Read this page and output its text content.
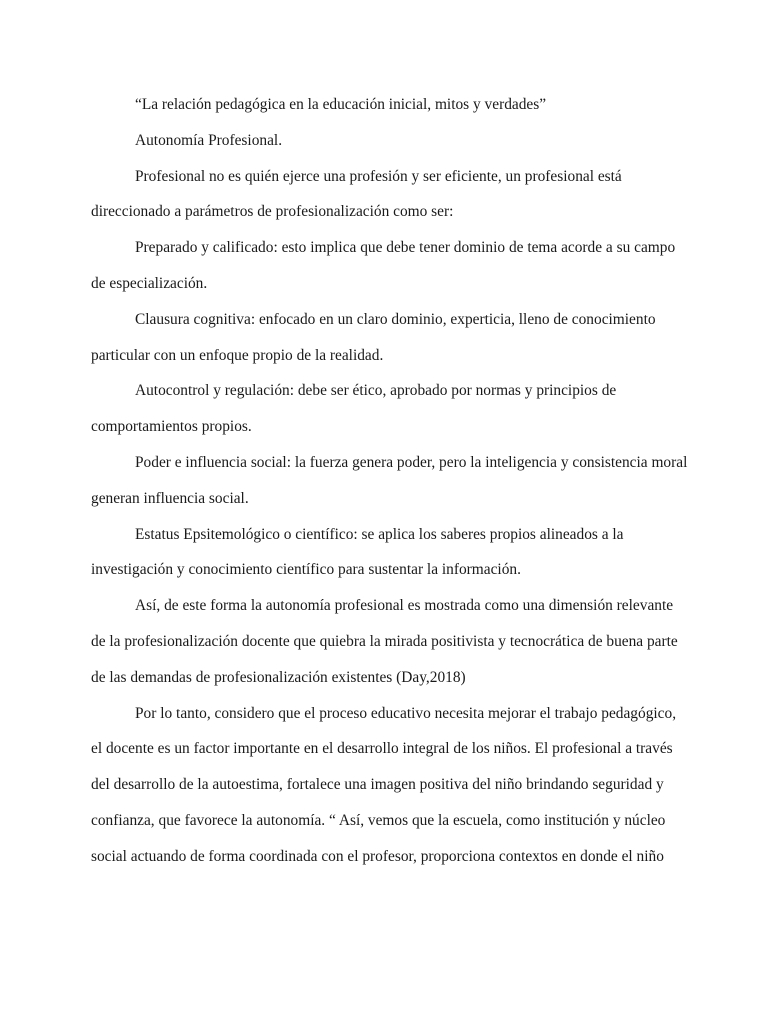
“La relación pedagógica en la educación inicial, mitos y verdades”

Autonomía Profesional.

Profesional no es quién ejerce una profesión y ser eficiente, un profesional está
direccionado a parámetros de profesionalización como ser:

Preparado y calificado: esto implica que debe tener dominio de tema acorde a su campo
de especialización.

Clausura cognitiva: enfocado en un claro dominio, experticia, lleno de conocimiento
particular con un enfoque propio de la realidad.

Autocontrol y regulación: debe ser ético, aprobado por normas y principios de
comportamientos propios.

Poder e influencia social: la fuerza genera poder, pero la inteligencia y consistencia moral
generan influencia social.

Estatus Epsitemológico o científico: se aplica los saberes propios alineados a la
investigación y conocimiento científico para sustentar la información.

Así, de este forma la autonomía profesional es mostrada como una dimensión relevante
de la profesionalización docente que quiebra la mirada positivista y tecnocrática de buena parte
de las demandas de profesionalización existentes (Day,2018)

Por lo tanto, considero que el proceso educativo necesita mejorar el trabajo pedagógico,
el docente es un factor importante en el desarrollo integral de los niños. El profesional a través
del desarrollo de la autoestima, fortalece una imagen positiva del niño brindando seguridad y
confianza, que favorece la autonomía. “ Así, vemos que la escuela, como institución y núcleo
social actuando de forma coordinada con el profesor, proporciona contextos en donde el niño
